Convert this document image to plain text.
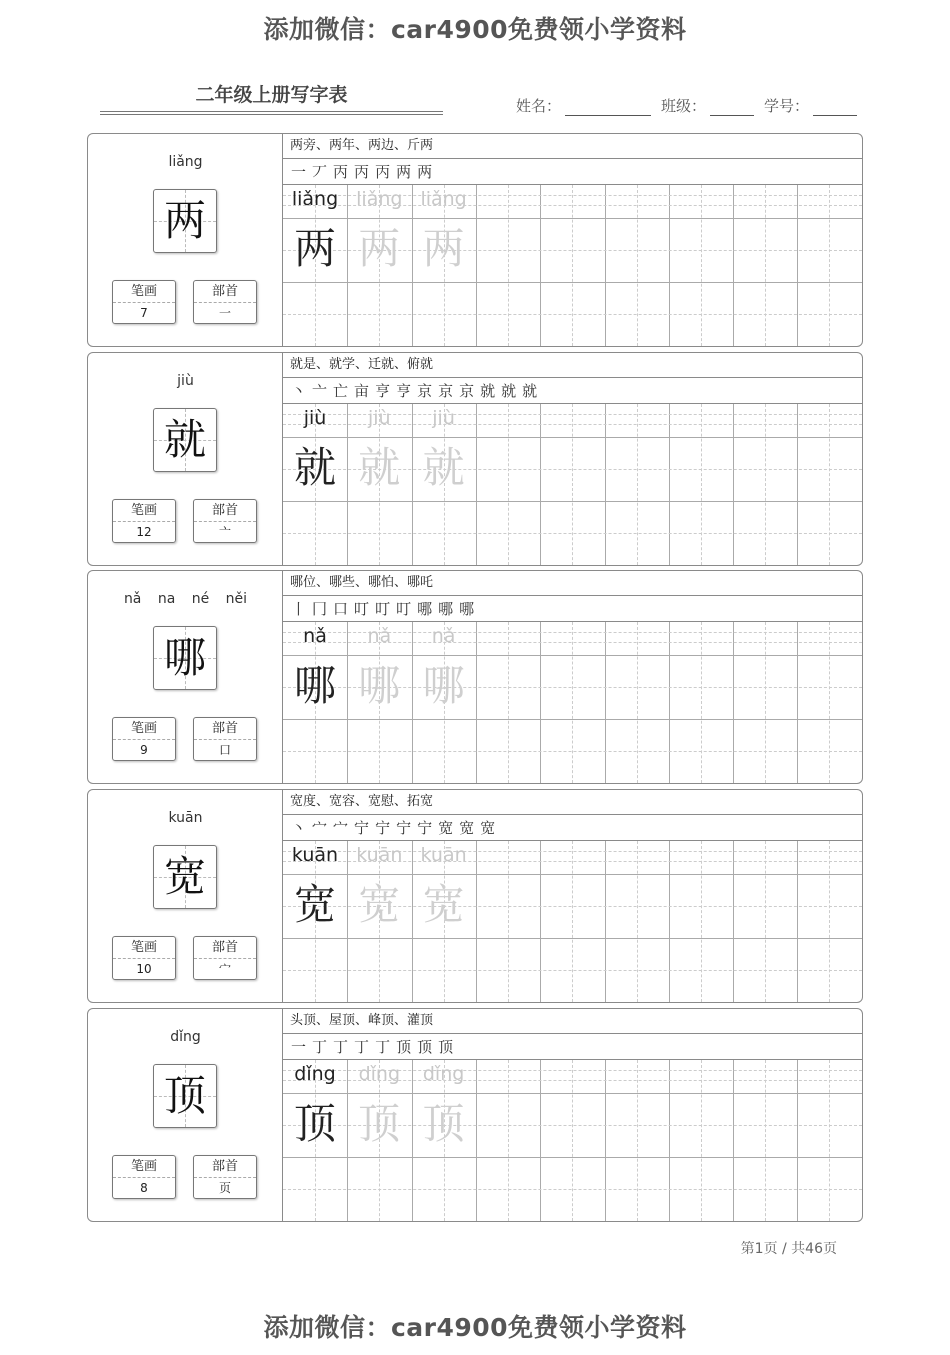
添加微信：car4900免费领小学资料
二年级上册写字表	姓名：	班级：	学号：
liǎng
两
笔画
7
部首
一
两旁、两年、两边、斤两
一丆丙丙丙两两
liǎng liǎng liǎng
两 两 两
jiù
就
笔画
12
部首
亠
就是、就学、迁就、俯就
丶亠亡亩亨亨京京京就就就
jiù	jiù	jiù
就 就 就
nǎ na né něi
哪
笔画
9
部首
口
哪位、哪些、哪怕、哪吒
丨冂口叮叮叮哪哪哪
nǎ	nǎ	nǎ
哪 哪 哪
kuān
宽
笔画
10
部首
宀
宽度、宽容、宽慰、拓宽
丶宀宀宁宁宁宁宽宽宽
kuān kuān kuān
宽 宽 宽
dǐng
顶
笔画
8
部首
页
头顶、屋顶、峰顶、灌顶
一丁丁丁丁顶顶顶
dǐng	dǐng	dǐng
顶 顶 顶
第1页 / 共46页
添加微信：car4900免费领小学资料
